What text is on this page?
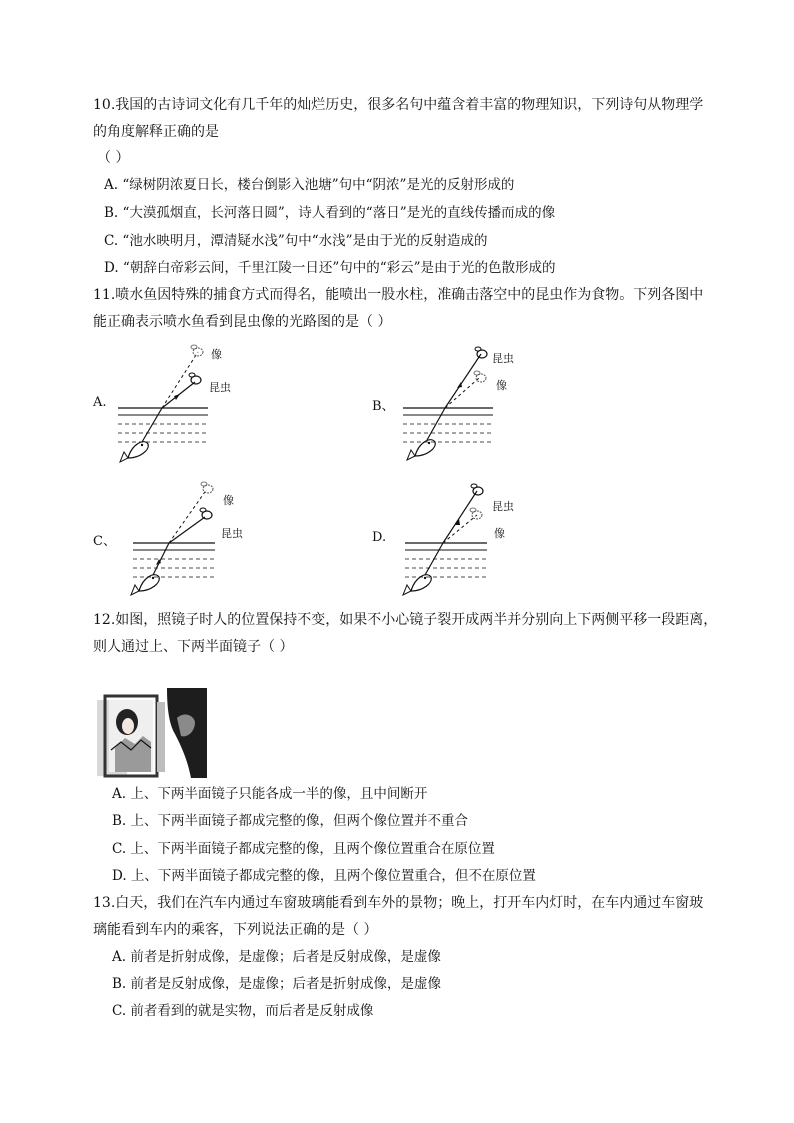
10.我国的古诗词文化有几千年的灿烂历史，很多名句中蕴含着丰富的物理知识，下列诗句从物理学
的角度解释正确的是
（ ）
A. “绿树阴浓夏日长，楼台倒影入池塘”句中“阴浓”是光的反射形成的
B. “大漠孤烟直，长河落日圆”，诗人看到的“落日”是光的直线传播而成的像
C. “池水映明月，潭清疑水浅”句中“水浅”是由于光的反射造成的
D. “朝辞白帝彩云间，千里江陵一日还”句中的“彩云”是由于光的色散形成的
11.喷水鱼因特殊的捕食方式而得名，能喷出一股水柱，准确击落空中的昆虫作为食物。下列各图中
能正确表示喷水鱼看到昆虫像的光路图的是（ ）
A.
像
昆虫
B、
昆虫
像
C、
像
昆虫	D.
昆虫
像
12.如图，照镜子时人的位置保持不变，如果不小心镜子裂开成两半并分别向上下两侧平移一段距离，
则人通过上、下两半面镜子（ ）
A. 上、下两半面镜子只能各成一半的像，且中间断开
B. 上、下两半面镜子都成完整的像，但两个像位置并不重合
C. 上、下两半面镜子都成完整的像，且两个像位置重合在原位置
D. 上、下两半面镜子都成完整的像，且两个像位置重合，但不在原位置
13.白天，我们在汽车内通过车窗玻璃能看到车外的景物；晚上，打开车内灯时，在车内通过车窗玻
璃能看到车内的乘客，下列说法正确的是（ ）
A. 前者是折射成像，是虚像；后者是反射成像，是虚像
B. 前者是反射成像，是虚像；后者是折射成像，是虚像
C. 前者看到的就是实物，而后者是反射成像
